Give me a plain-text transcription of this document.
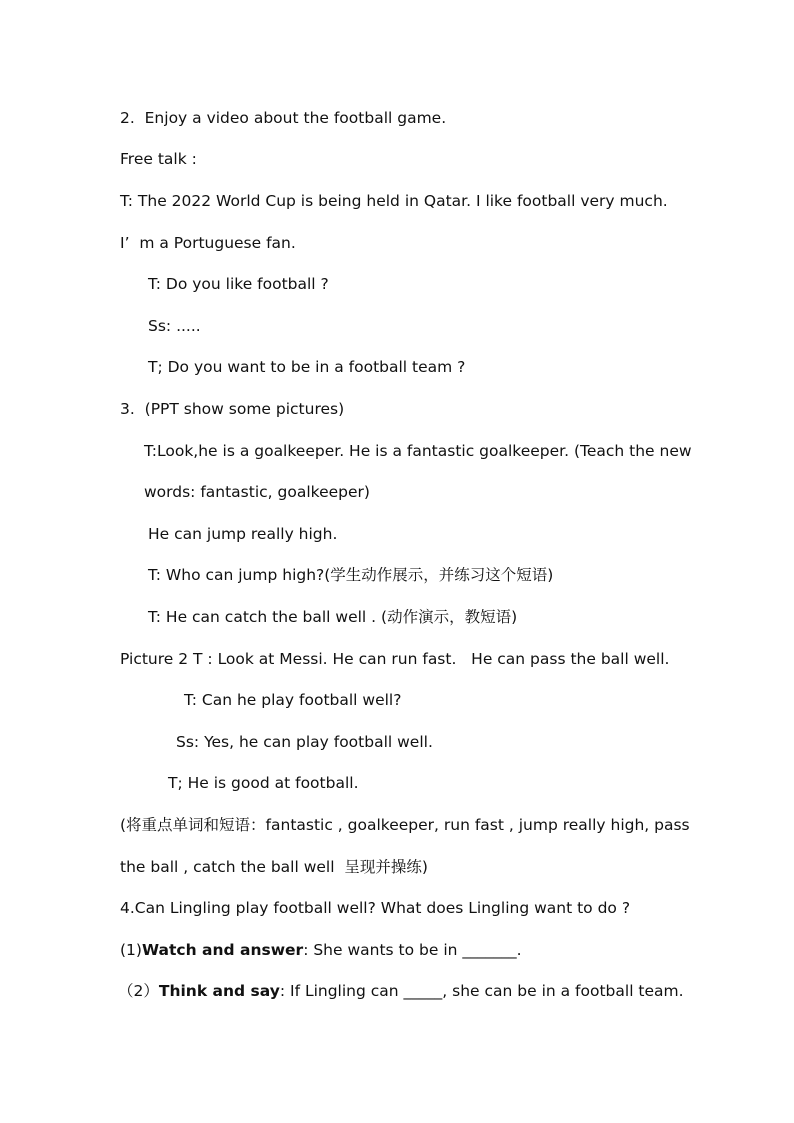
2.  Enjoy a video about the football game.
Free talk :
T: The 2022 World Cup is being held in Qatar. I like football very much.
I’  m a Portuguese fan.
T: Do you like football ?
Ss: .....
T; Do you want to be in a football team ?
3.  (PPT show some pictures)
T:Look,he is a goalkeeper. He is a fantastic goalkeeper. (Teach the new
words: fantastic, goalkeeper)
He can jump really high.
T: Who can jump high?(学生动作展示，并练习这个短语)
T: He can catch the ball well . (动作演示，教短语)
Picture 2 T : Look at Messi. He can run fast.   He can pass the ball well.
T: Can he play football well?
Ss: Yes, he can play football well.
T; He is good at football.
(将重点单词和短语：fantastic , goalkeeper, run fast , jump really high, pass
the ball , catch the ball well  呈现并操练)
4.Can Lingling play football well? What does Lingling want to do ?
(1)Watch and answer: She wants to be in _______.
（2）Think and say: If Lingling can _____, she can be in a football team.
